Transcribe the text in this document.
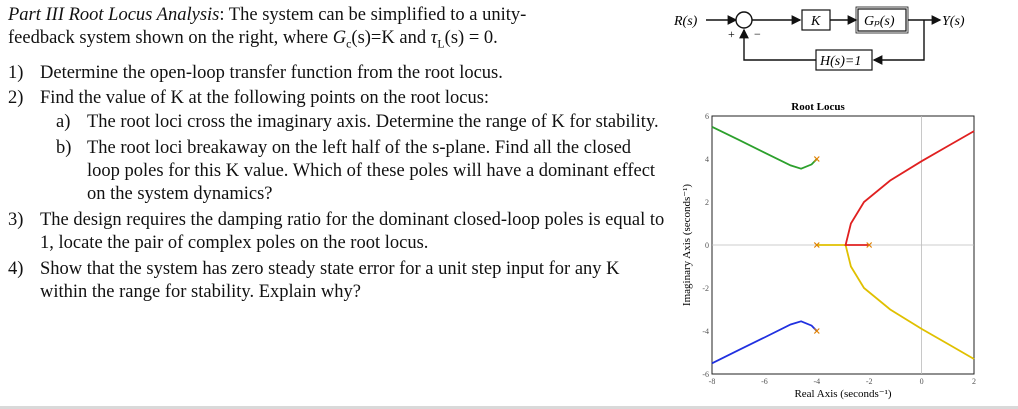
Part III Root Locus Analysis: The system can be simplified to a unity-
feedback system shown on the right, where $G_c(s)=K$ and $\tau_L(s) = 0$.
1) Determine the open-loop transfer function from the root locus.
2) Find the value of K at the following points on the root locus:
a) The root loci cross the imaginary axis. Determine the range of K for stability.
b) The root loci breakaway on the left half of the s-plane. Find all the closed loop poles for this K value. Which of these poles will have a dominant effect on the system dynamics?
3) The design requires the damping ratio for the dominant closed-loop poles is equal to 1, locate the pair of complex poles on the root locus.
4) Show that the system has zero steady state error for a unit step input for any K within the range for stability. Explain why?
R(s)
+ −
K	Gₚ(s)	Y(s)
H(s)=1
Root Locus
-8	-6	-4	-2	0	2
-6
-4
-2
0
2
4
6
Real Axis (seconds⁻¹)
Imaginary Axis (seconds⁻¹)
